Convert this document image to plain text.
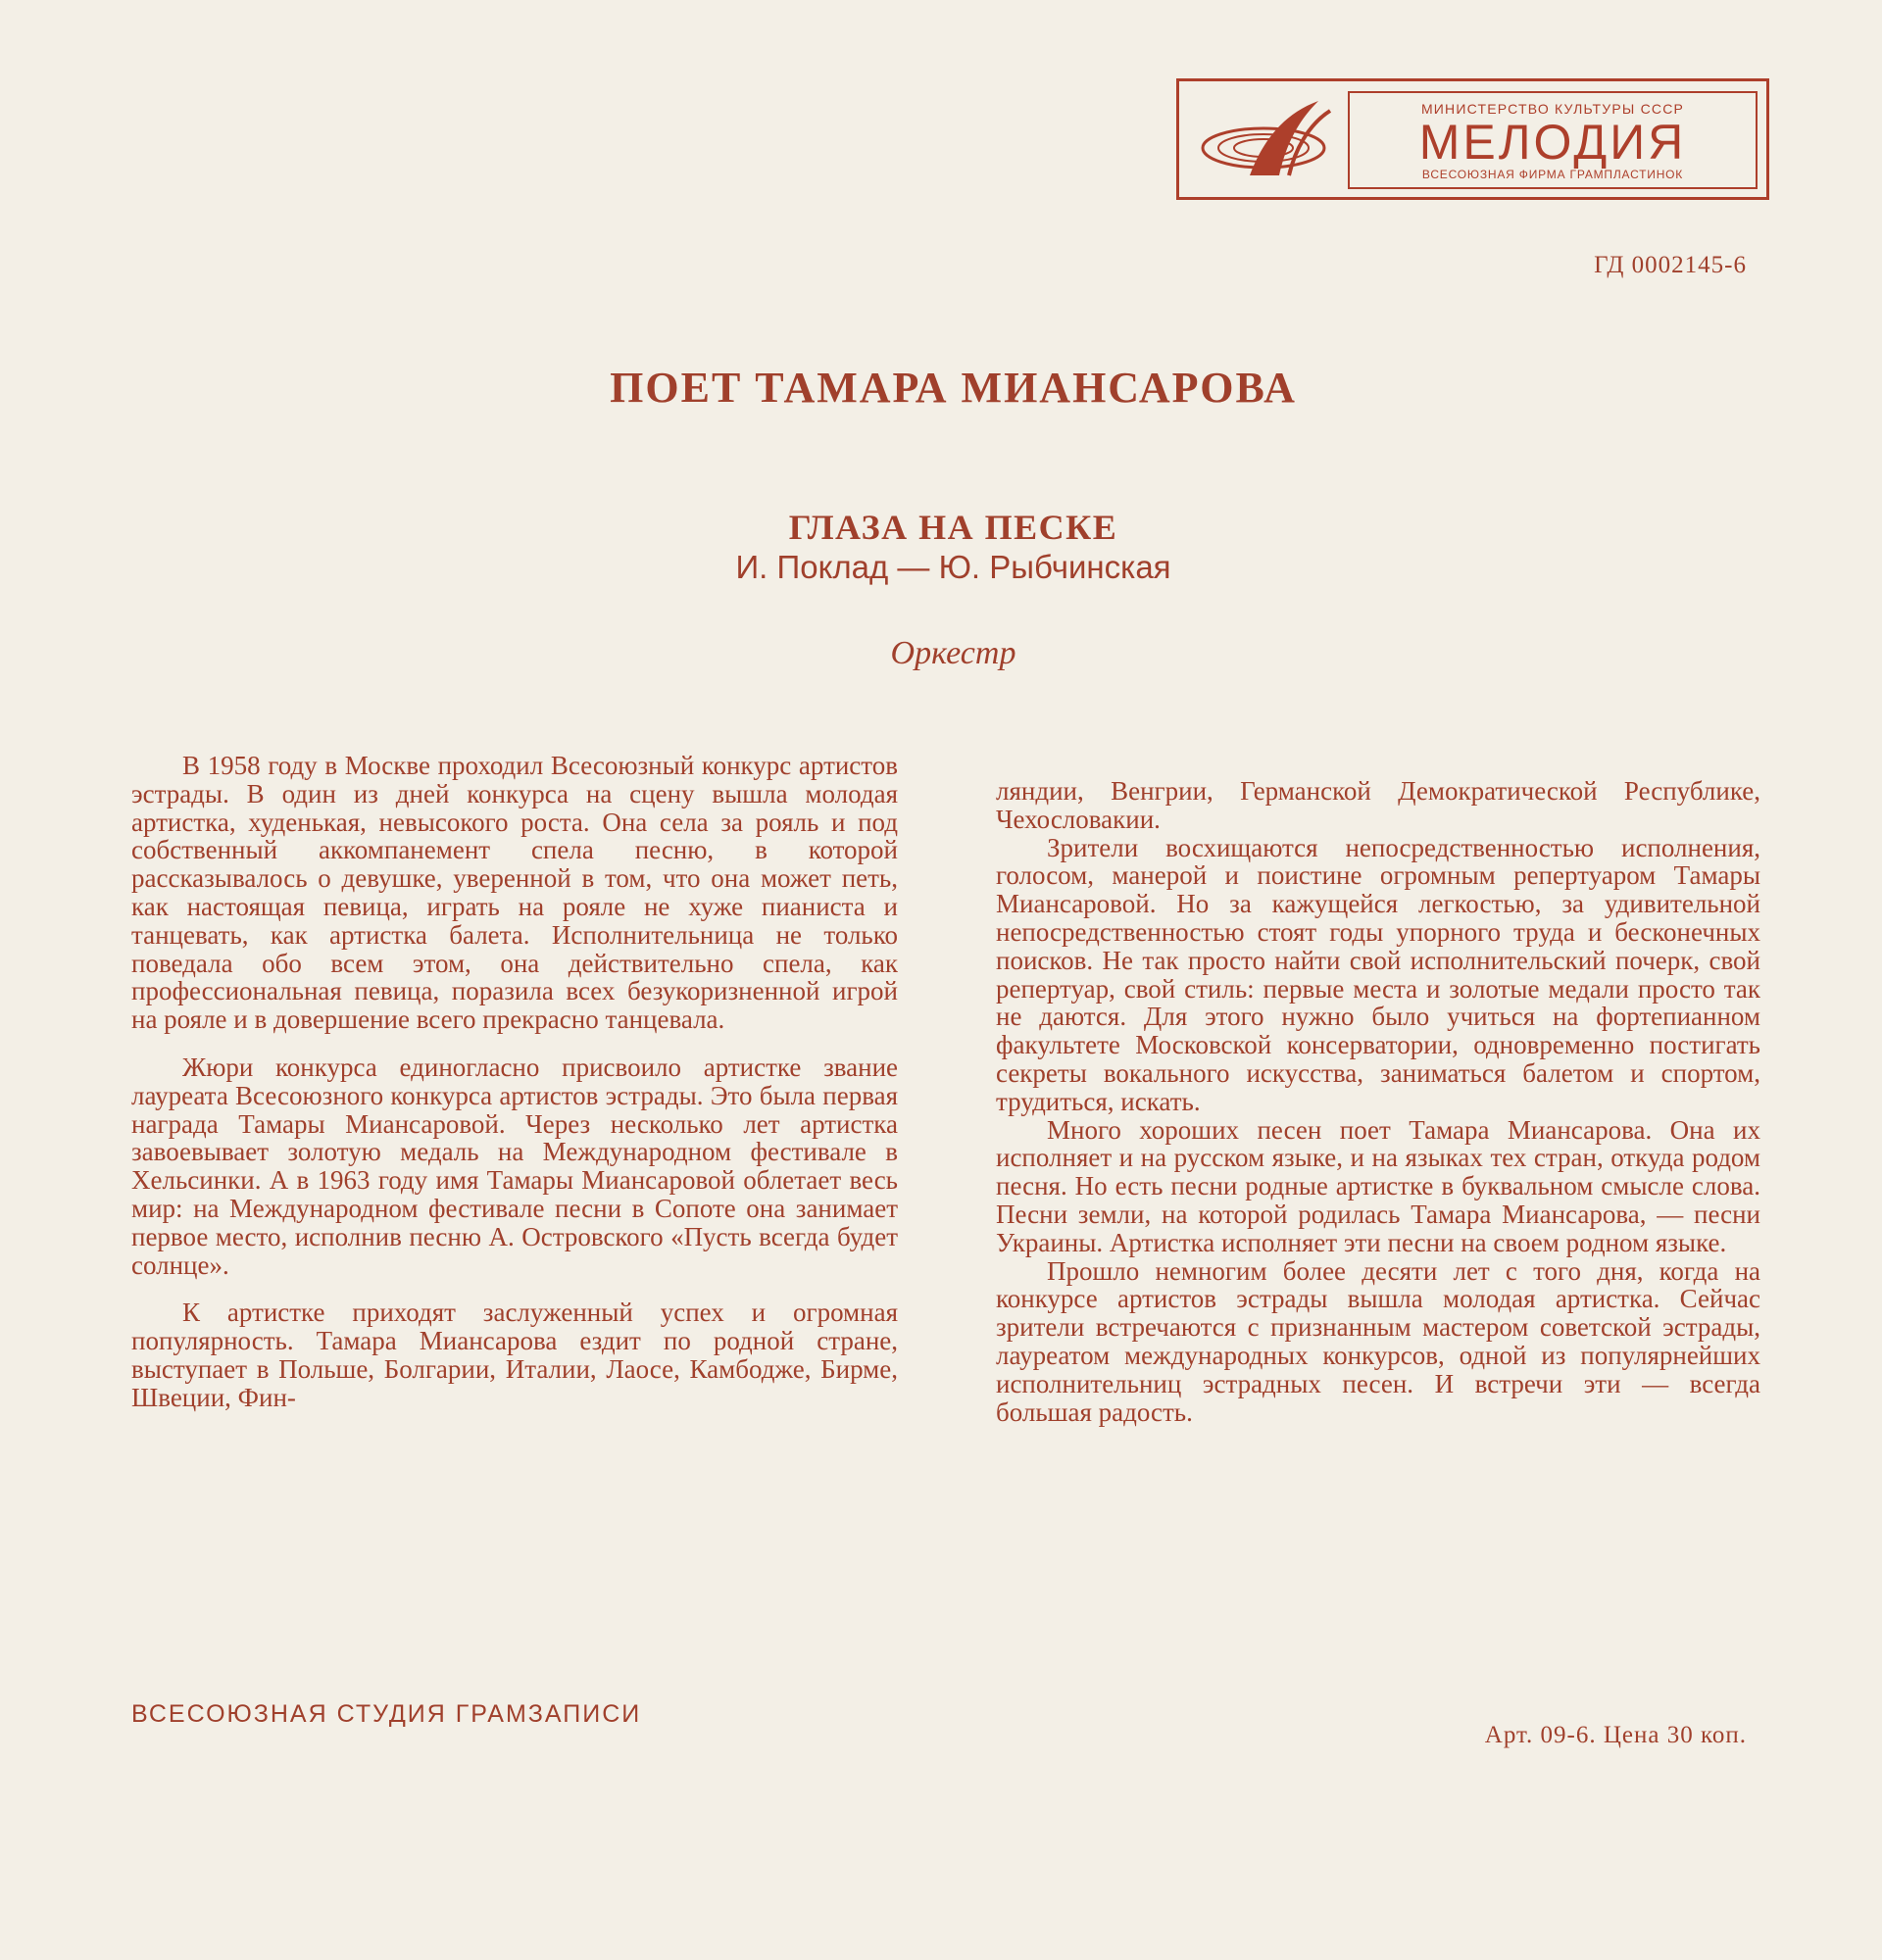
МИНИСТЕРСТВО КУЛЬТУРЫ СССР
МЕЛОДИЯ
ВСЕСОЮЗНАЯ ФИРМА ГРАМПЛАСТИНОК
ГД 0002145-6
ПОЕТ ТАМАРА МИАНСАРОВА
ГЛАЗА НА ПЕСКЕ
И. Поклад — Ю. Рыбчинская
Оркестр

В 1958 году в Москве проходил Всесоюзный конкурс артистов эстрады. В один из дней конкурса на сцену вышла молодая артистка, худенькая, невысокого роста. Она села за рояль и под собственный аккомпанемент спела песню, в которой рассказывалось о девушке, уверенной в том, что она может петь, как настоящая певица, играть на рояле не хуже пианиста и танцевать, как артистка балета. Исполнительница не только поведала обо всем этом, она действительно спела, как профессиональная певица, поразила всех безукоризненной игрой на рояле и в довершение всего прекрасно танцевала.

Жюри конкурса единогласно присвоило артистке звание лауреата Всесоюзного конкурса артистов эстрады. Это была первая награда Тамары Миансаровой. Через несколько лет артистка завоевывает золотую медаль на Международном фестивале в Хельсинки. А в 1963 году имя Тамары Миансаровой облетает весь мир: на Международном фестивале песни в Сопоте она занимает первое место, исполнив песню А. Островского «Пусть всегда будет солнце».

К артистке приходят заслуженный успех и огромная популярность. Тамара Миансарова ездит по родной стране, выступает в Польше, Болгарии, Италии, Лаосе, Камбодже, Бирме, Швеции, Фин-

ляндии, Венгрии, Германской Демократической Республике, Чехословакии.

Зрители восхищаются непосредственностью исполнения, голосом, манерой и поистине огромным репертуаром Тамары Миансаровой. Но за кажущейся легкостью, за удивительной непосредственностью стоят годы упорного труда и бесконечных поисков. Не так просто найти свой исполнительский почерк, свой репертуар, свой стиль: первые места и золотые медали просто так не даются. Для этого нужно было учиться на фортепианном факультете Московской консерватории, одновременно постигать секреты вокального искусства, заниматься балетом и спортом, трудиться, искать.

Много хороших песен поет Тамара Миансарова. Она их исполняет и на русском языке, и на языках тех стран, откуда родом песня. Но есть песни родные артистке в буквальном смысле слова. Песни земли, на которой родилась Тамара Миансарова, — песни Украины. Артистка исполняет эти песни на своем родном языке.

Прошло немногим более десяти лет с того дня, когда на конкурсе артистов эстрады вышла молодая артистка. Сейчас зрители встречаются с признанным мастером советской эстрады, лауреатом международных конкурсов, одной из популярнейших исполнительниц эстрадных песен. И встречи эти — всегда большая радость.

ВСЕСОЮЗНАЯ СТУДИЯ ГРАМЗАПИСИ
Арт. 09-6. Цена 30 коп.
